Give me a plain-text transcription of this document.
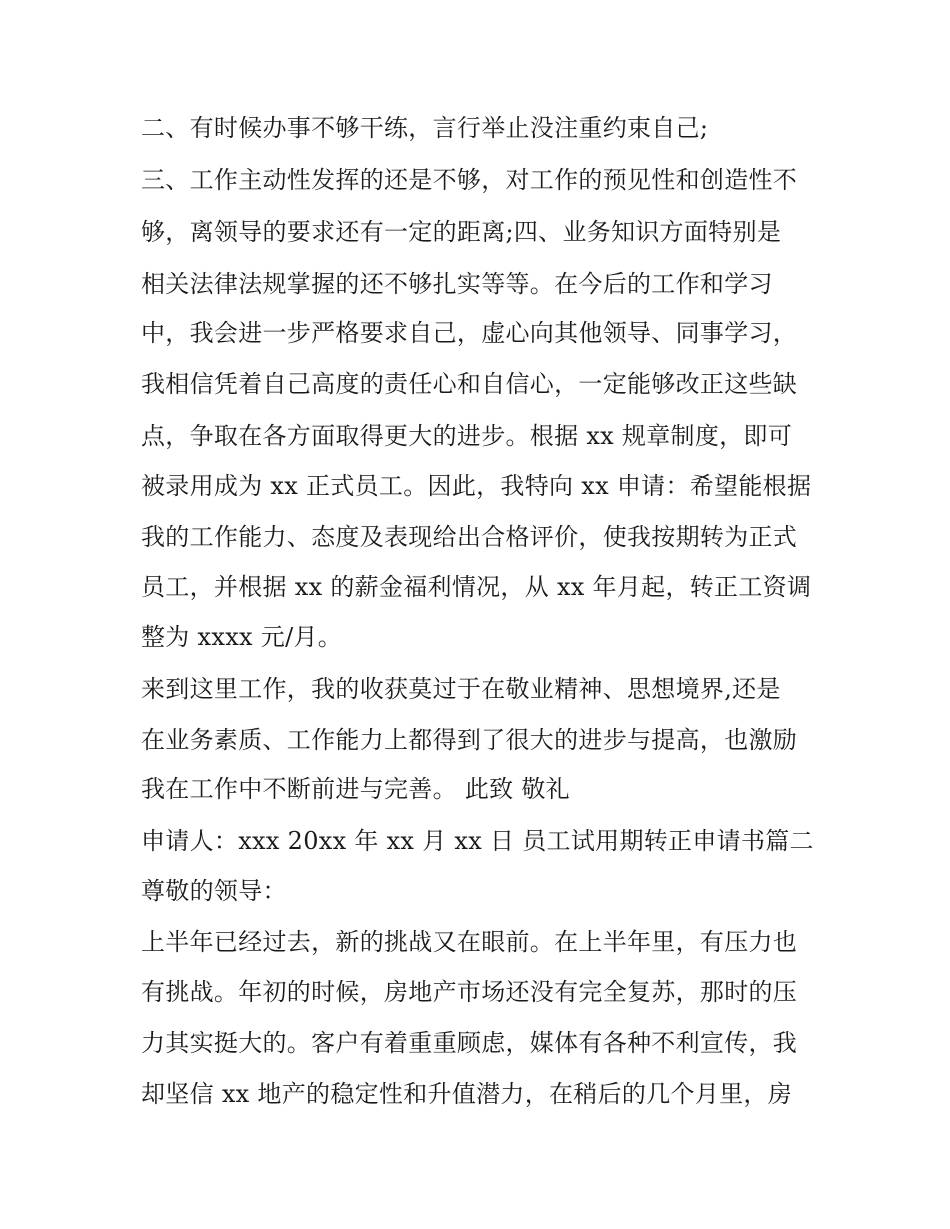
二、有时候办事不够干练，言行举止没注重约束自己;
三、工作主动性发挥的还是不够，对工作的预见性和创造性不
够，离领导的要求还有一定的距离;四、业务知识方面特别是
相关法律法规掌握的还不够扎实等等。在今后的工作和学习
中，我会进一步严格要求自己，虚心向其他领导、同事学习，
我相信凭着自己高度的责任心和自信心，一定能够改正这些缺
点，争取在各方面取得更大的进步。根据 xx 规章制度，即可
被录用成为 xx 正式员工。因此，我特向 xx 申请：希望能根据
我的工作能力、态度及表现给出合格评价，使我按期转为正式
员工，并根据 xx 的薪金福利情况，从 xx 年月起，转正工资调
整为 xxxx 元/月。
来到这里工作，我的收获莫过于在敬业精神、思想境界,还是
在业务素质、工作能力上都得到了很大的进步与提高，也激励
我在工作中不断前进与完善。 此致 敬礼
申请人：xxx 20xx 年 xx 月 xx 日 员工试用期转正申请书篇二
尊敬的领导：
上半年已经过去，新的挑战又在眼前。在上半年里，有压力也
有挑战。年初的时候，房地产市场还没有完全复苏，那时的压
力其实挺大的。客户有着重重顾虑，媒体有各种不利宣传，我
却坚信 xx 地产的稳定性和升值潜力，在稍后的几个月里，房
